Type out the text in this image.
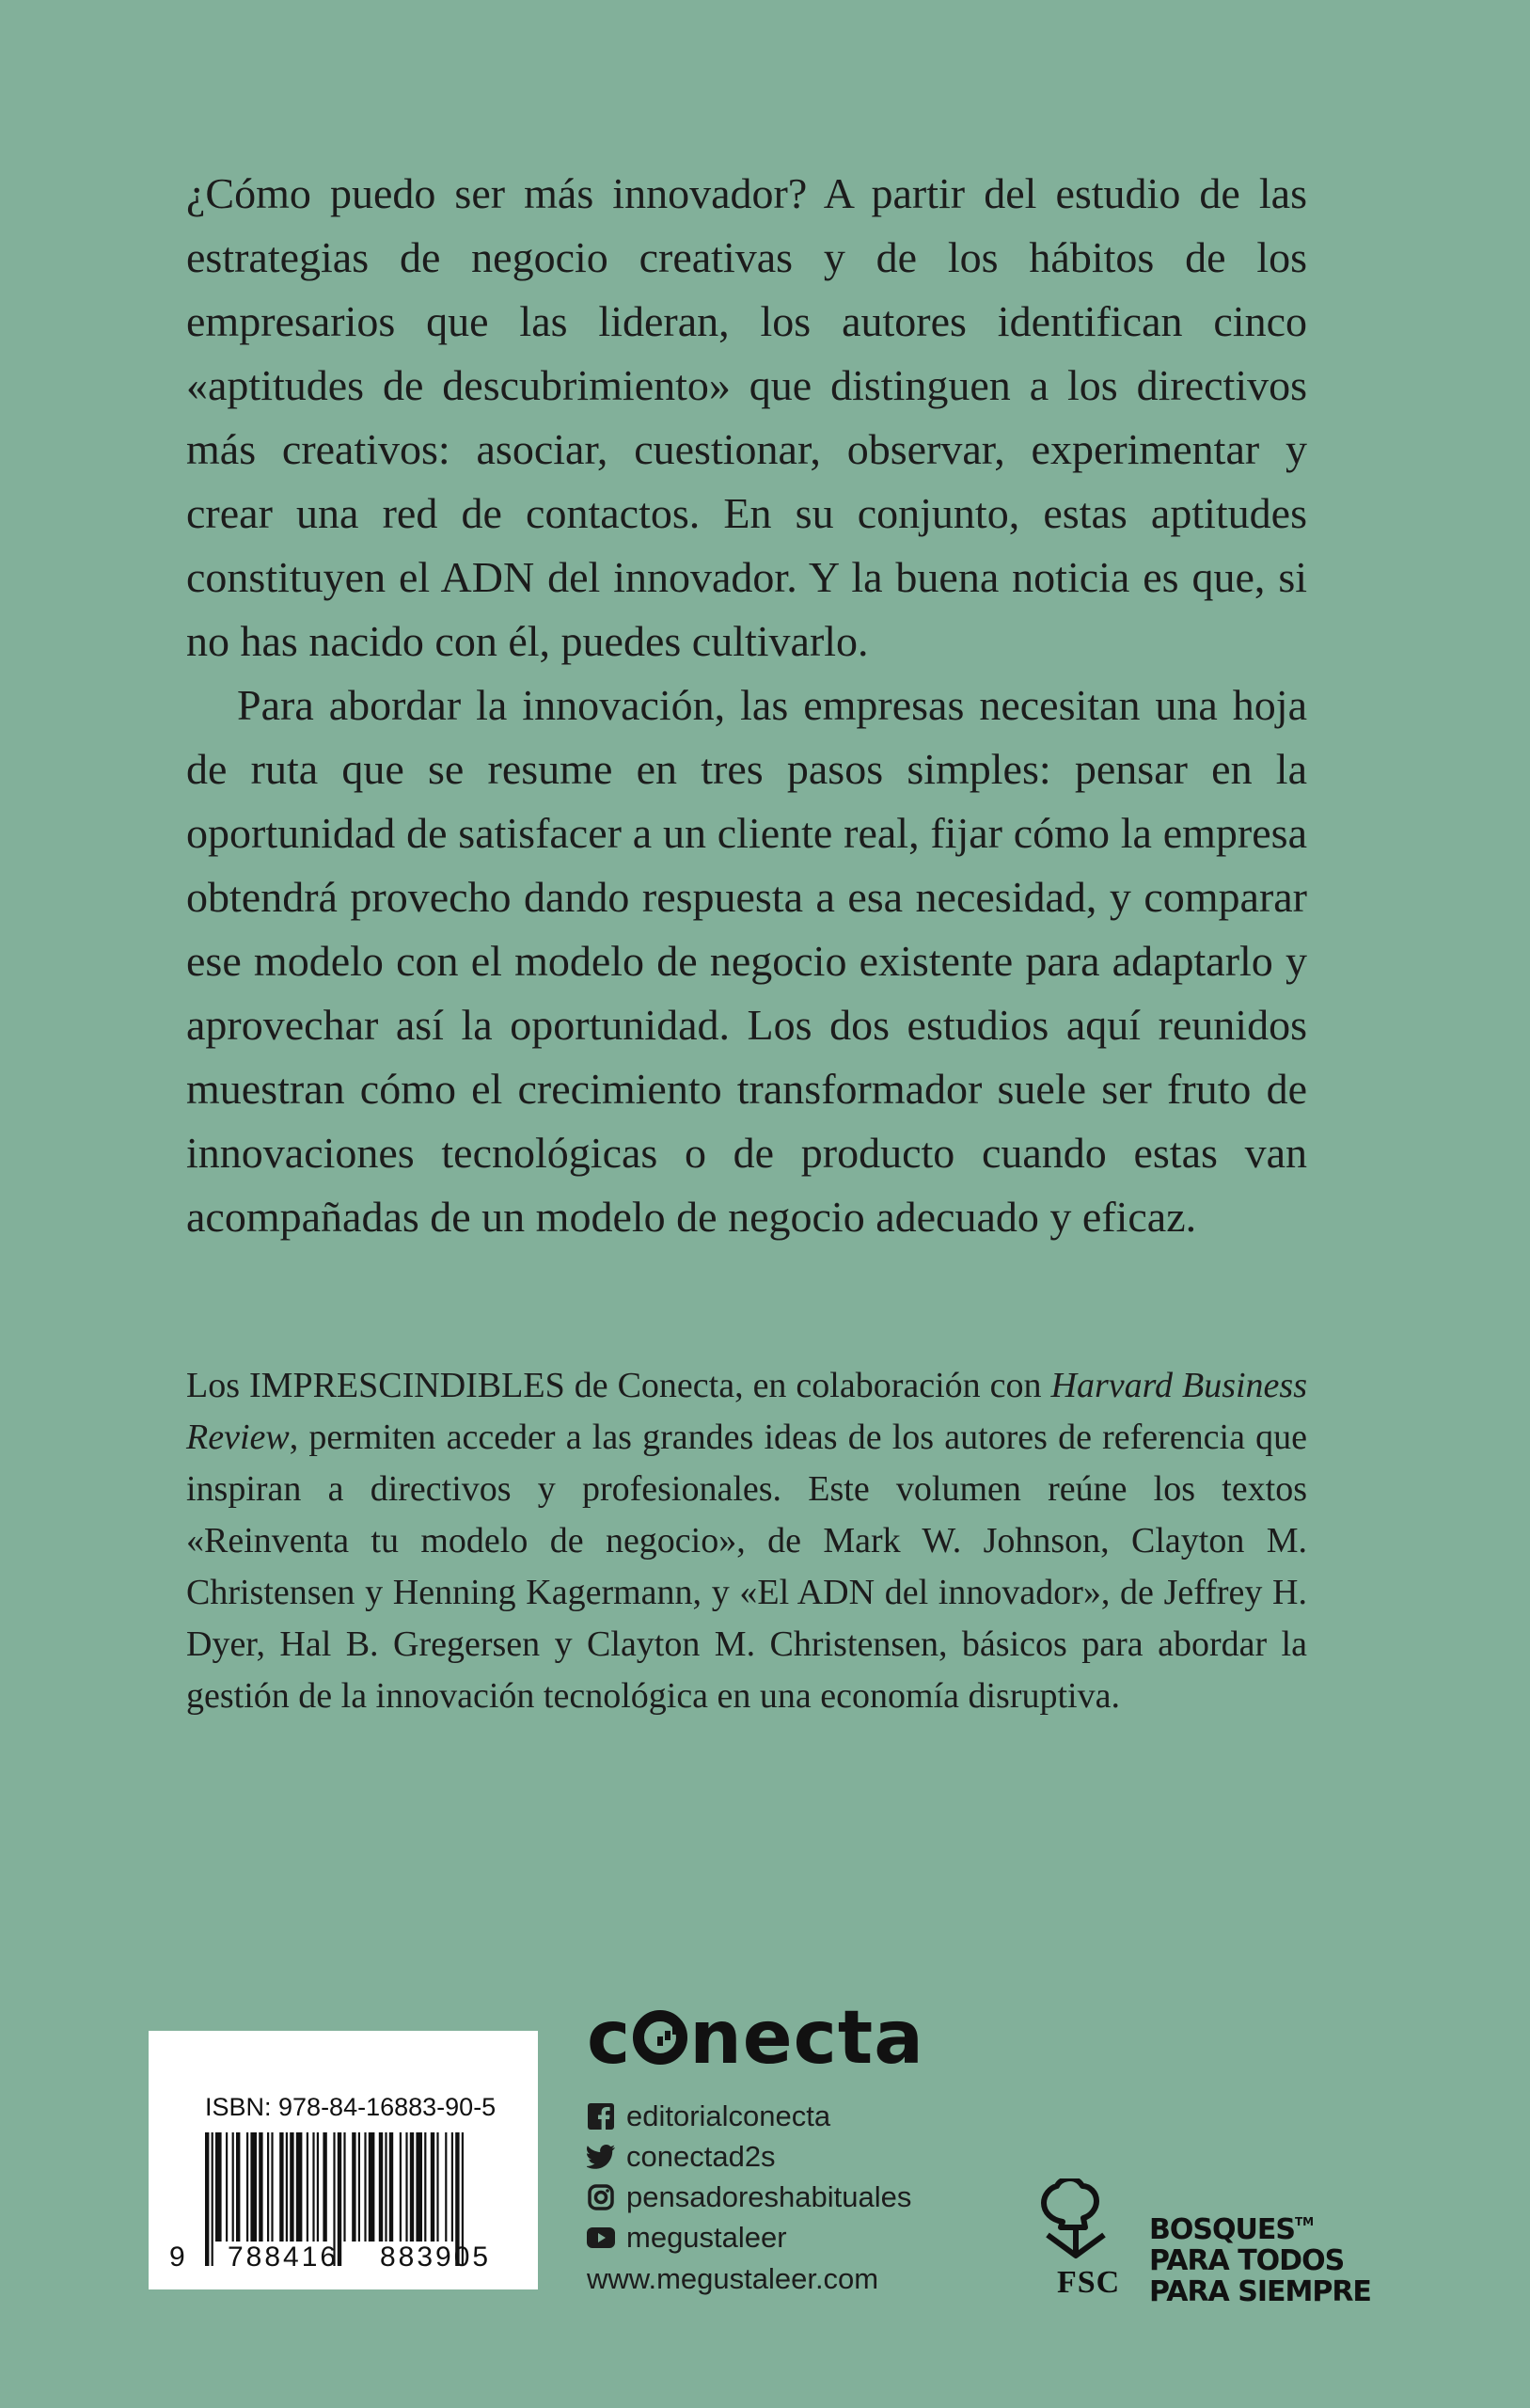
¿Cómo puedo ser más innovador? A partir del estudio de las estrategias de negocio creativas y de los hábitos de los empresarios que las lideran, los autores identifican cinco «aptitudes de descubrimiento» que distinguen a los directivos más creativos: asociar, cuestionar, observar, experimentar y crear una red de contactos. En su conjunto, estas aptitudes constituyen el ADN del innovador. Y la buena noticia es que, si no has nacido con él, puedes cultivarlo.

Para abordar la innovación, las empresas necesitan una hoja de ruta que se resume en tres pasos simples: pensar en la oportunidad de satisfacer a un cliente real, fijar cómo la empresa obtendrá provecho dando respuesta a esa necesidad, y comparar ese modelo con el modelo de negocio existente para adaptarlo y aprovechar así la oportunidad. Los dos estudios aquí reunidos muestran cómo el crecimiento transformador suele ser fruto de innovaciones tecnológicas o de producto cuando estas van acompañadas de un modelo de negocio adecuado y eficaz.

Los IMPRESCINDIBLES de Conecta, en colaboración con Harvard Business Review, permiten acceder a las grandes ideas de los autores de referencia que inspiran a directivos y profesionales. Este volumen reúne los textos «Reinventa tu modelo de negocio», de Mark W. Johnson, Clayton M. Christensen y Henning Kagermann, y «El ADN del innovador», de Jeffrey H. Dyer, Hal B. Gregersen y Clayton M. Christensen, básicos para abordar la gestión de la innovación tecnológica en una economía disruptiva.

ISBN: 978-84-16883-90-5
9 788416 883905
c necta
editorialconecta
conectad2s
pensadoreshabituales
megustaleer
www.megustaleer.com	FSC
BOSQUES™
PARA TODOS
PARA SIEMPRE
